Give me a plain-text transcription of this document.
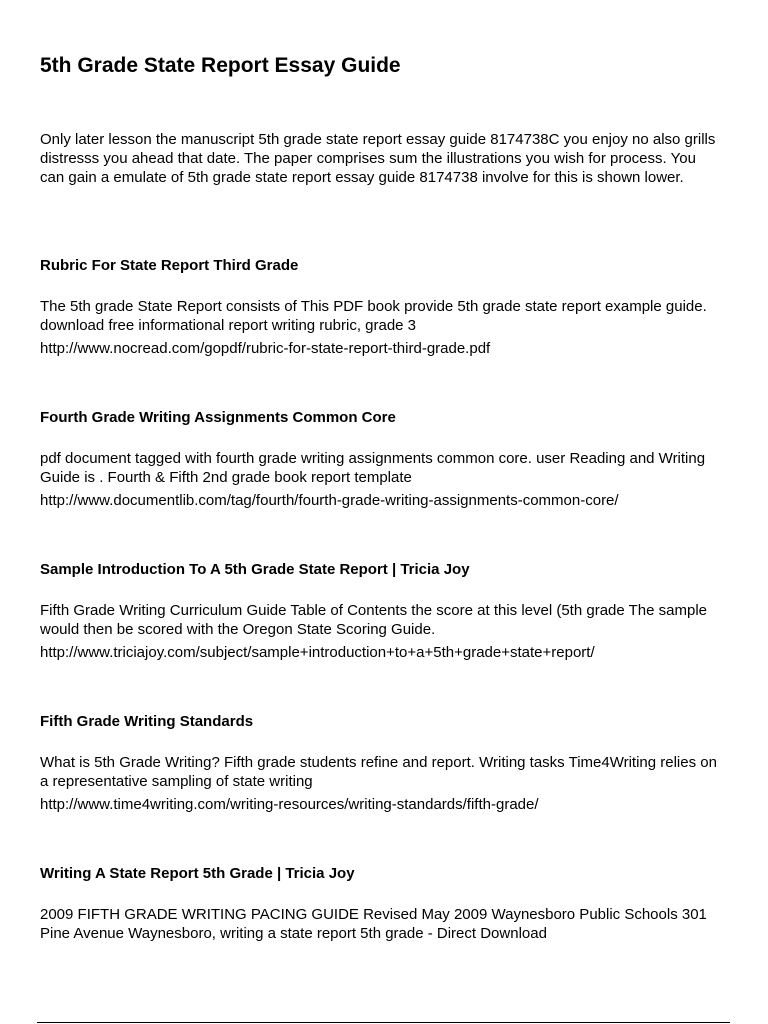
5th Grade State Report Essay Guide

Only later lesson the manuscript 5th grade state report essay guide 8174738C you enjoy no also grills distresss you ahead that date. The paper comprises sum the illustrations you wish for process. You can gain a emulate of 5th grade state report essay guide 8174738 involve for this is shown lower.

Rubric For State Report Third Grade

The 5th grade State Report consists of This PDF book provide 5th grade state report example guide. download free informational report writing rubric, grade 3

http://www.nocread.com/gopdf/rubric-for-state-report-third-grade.pdf
Fourth Grade Writing Assignments Common Core

pdf document tagged with fourth grade writing assignments common core. user Reading and Writing Guide is . Fourth & Fifth 2nd grade book report template

http://www.documentlib.com/tag/fourth/fourth-grade-writing-assignments-common-core/
Sample Introduction To A 5th Grade State Report | Tricia Joy

Fifth Grade Writing Curriculum Guide Table of Contents the score at this level (5th grade The sample would then be scored with the Oregon State Scoring Guide.

http://www.triciajoy.com/subject/sample+introduction+to+a+5th+grade+state+report/
Fifth Grade Writing Standards

What is 5th Grade Writing? Fifth grade students refine and report. Writing tasks Time4Writing relies on a representative sampling of state writing

http://www.time4writing.com/writing-resources/writing-standards/fifth-grade/
Writing A State Report 5th Grade | Tricia Joy

2009 FIFTH GRADE WRITING PACING GUIDE Revised May 2009 Waynesboro Public Schools 301 Pine Avenue Waynesboro, writing a state report 5th grade - Direct Download
